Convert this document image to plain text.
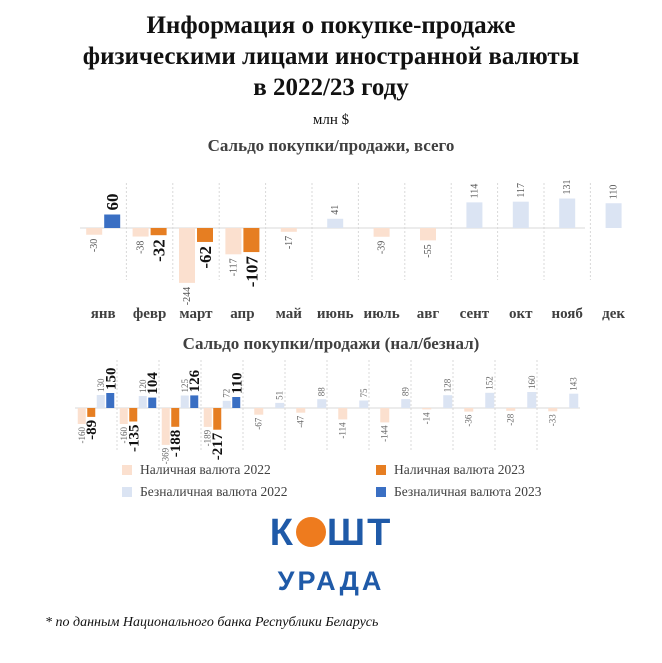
Информация о покупке-продаже
физическими лицами иностранной валюты
в 2022/23 году
млн $
Сальдо покупки/продажи, всего
Сальдо покупки/продажи (нал/безнал)
янв
-30
60
февр
-38 -32
март
-244
-62
апр
-117 -107
май
-17
июнь
41
июль
-39
авг
-55
сент
114
окт
117
нояб
131
дек
110
-160
-89
130
150
-160
-135
120
104
-369
-188
125
126
-189
-217
72
110
-67
51
-47
88
-114
75
-144
89
-14
128
-36
152
-28
160
-33
143
Наличная валюта 2022	Наличная валюта 2023
Безналичная валюта 2022	Безналичная валюта 2023
К ШТ
УРАДА
* по данным Национального банка Республики Беларусь
